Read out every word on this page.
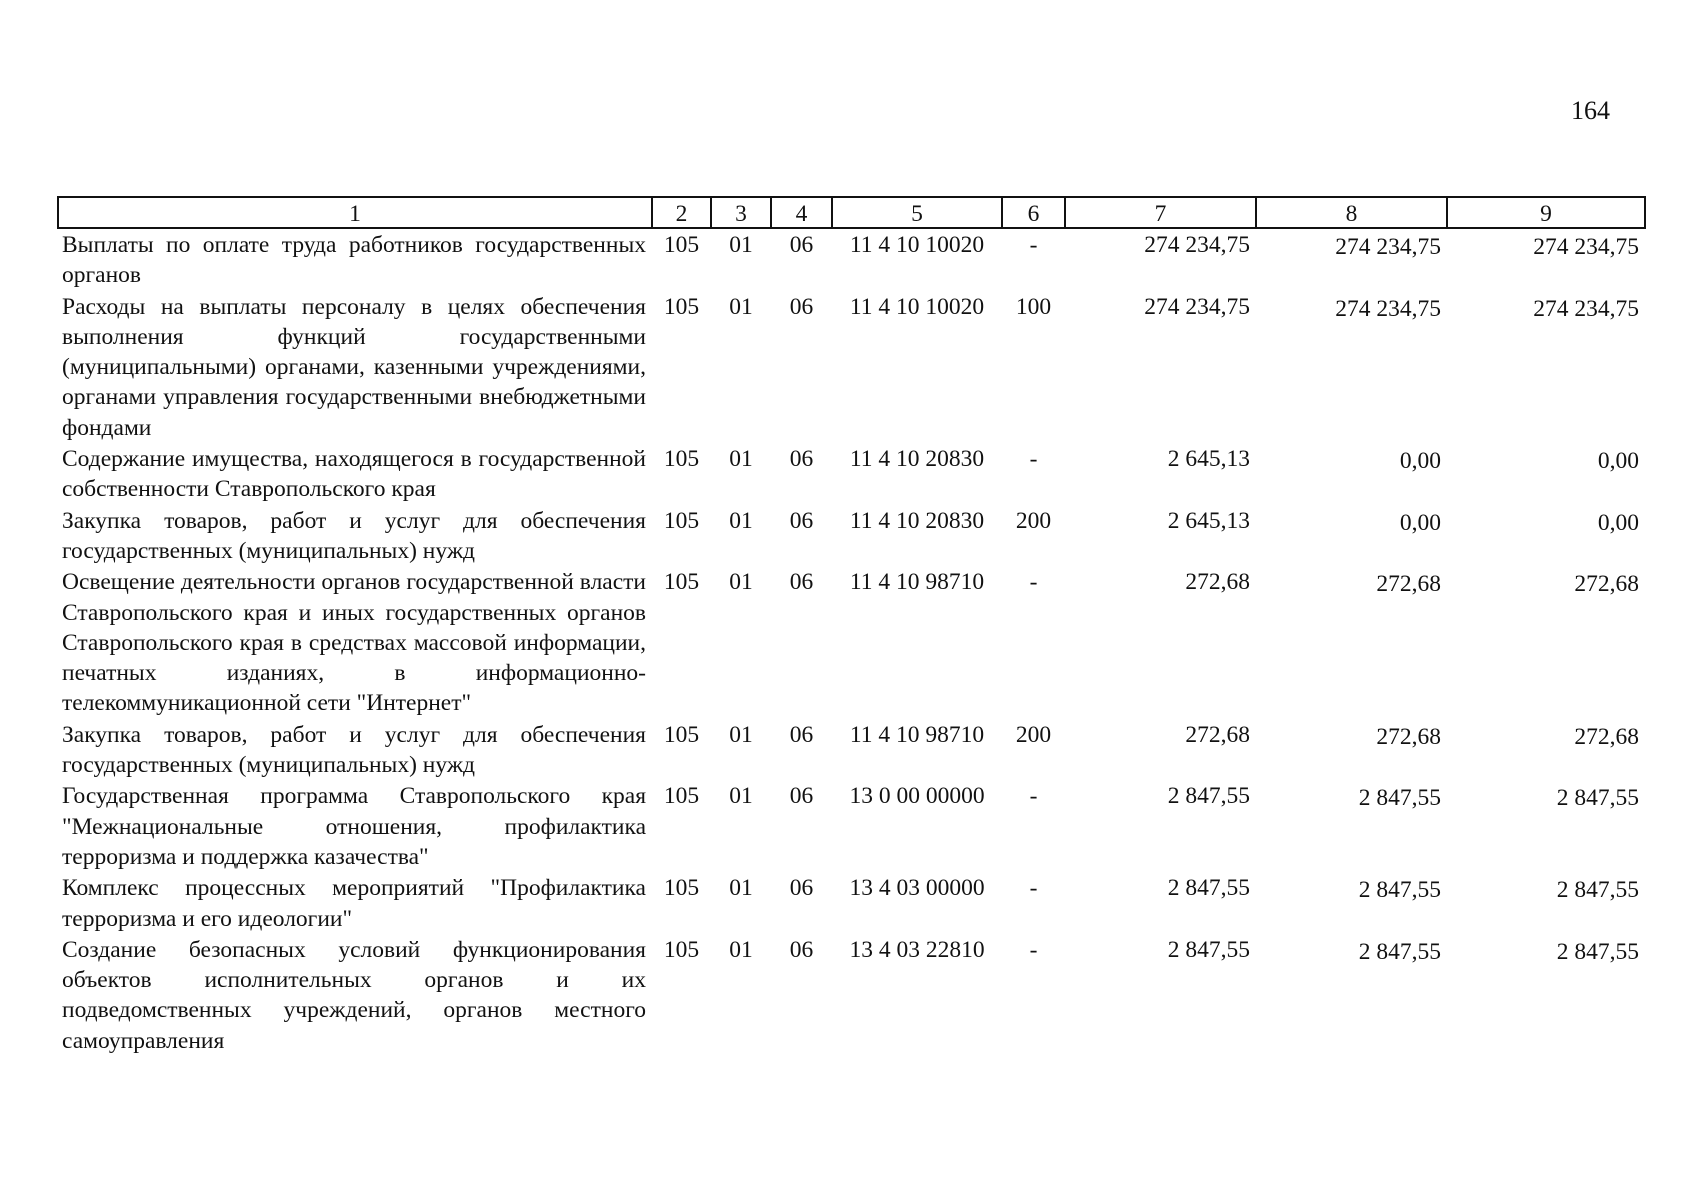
164
1	2	3	4	5	6	7	8	9
Выплаты по оплате труда работников государственных органов	105	01	06	11 4 10 10020	-	274 234,75	274 234,75	274 234,75
Расходы на выплаты персоналу в целях обеспечения выполнения функций государственными (муниципальными) органами, казенными учреждениями, органами управления государственными внебюджетными фондами	105	01	06	11 4 10 10020	100	274 234,75	274 234,75	274 234,75
Содержание имущества, находящегося в государственной собственности Ставропольского края	105	01	06	11 4 10 20830	-	2 645,13	0,00	0,00
Закупка товаров, работ и услуг для обеспечения государственных (муниципальных) нужд	105	01	06	11 4 10 20830	200	2 645,13	0,00	0,00
Освещение деятельности органов государственной власти Ставропольского края и иных государственных органов Ставропольского края в средствах массовой информации, печатных изданиях, в информационно-телекоммуникационной сети "Интернет"	105	01	06	11 4 10 98710	-	272,68	272,68	272,68
Закупка товаров, работ и услуг для обеспечения государственных (муниципальных) нужд	105	01	06	11 4 10 98710	200	272,68	272,68	272,68
Государственная программа Ставропольского края "Межнациональные отношения, профилактика терроризма и поддержка казачества"	105	01	06	13 0 00 00000	-	2 847,55	2 847,55	2 847,55
Комплекс процессных мероприятий "Профилактика терроризма и его идеологии"	105	01	06	13 4 03 00000	-	2 847,55	2 847,55	2 847,55
Создание безопасных условий функционирования объектов исполнительных органов и их подведомственных учреждений, органов местного самоуправления	105	01	06	13 4 03 22810	-	2 847,55	2 847,55	2 847,55
